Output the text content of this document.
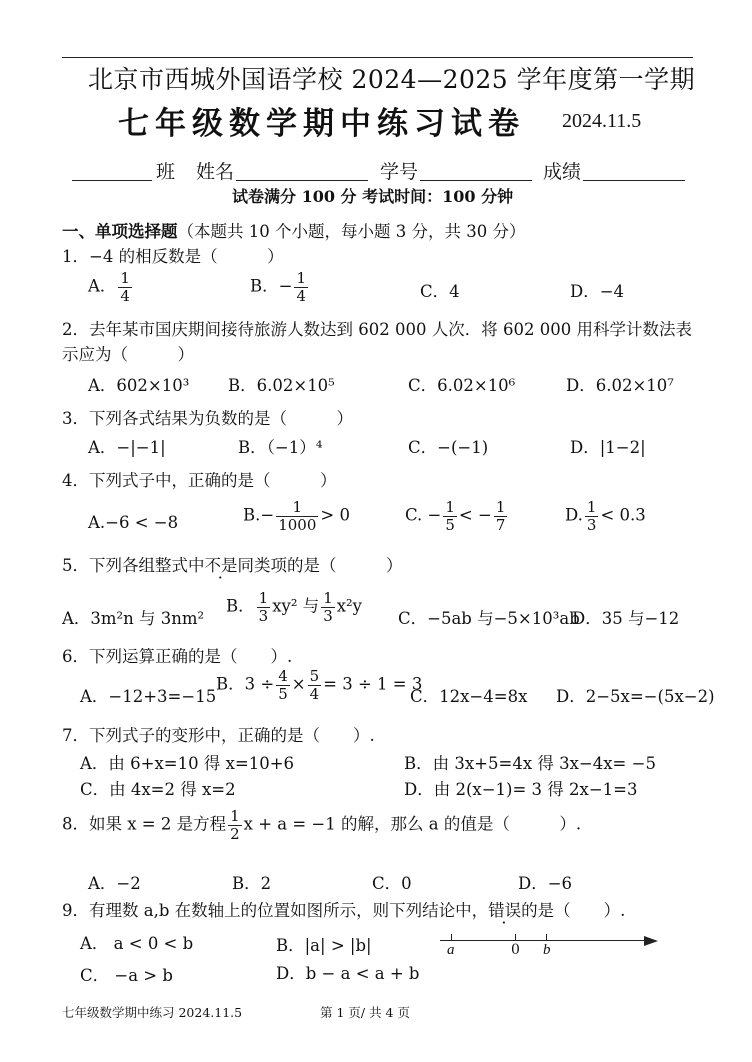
北京市西城外国语学校 2024—2025 学年度第一学期
七年级数学期中练习试卷 2024.11.5
班 姓名	学号	成绩
试卷满分 100 分 考试时间：100 分钟
一、单项选择题（本题共 10 个小题，每小题 3 分，共 30 分）
1．−4 的相反数是（　　　）
A． $\frac{1}{4}$	B．− $\frac{1}{4}$	C．4	D．−4
2．去年某市国庆期间接待旅游人数达到 602 000 人次．将 602 000 用科学计数法表
示应为（　　　）
A．602×10³ B．6.02×10⁵	C．6.02×10⁶	D．6.02×10⁷
3．下列各式结果为负数的是（　　　）
A．−|−1|	B．（−1）⁴	C．−(−1)	D．|1−2|
4．下列式子中，正确的是（　　　）
A.−6 < −8	$B.- \frac{1}{1000} > 0$	C. − $\frac{1}{5}$ < − $\frac{1}{7}$	D. $\frac{1}{3} < 0.3$
5．下列各组整式中不是同类项的是（　　　）
A．3m²n 与 3nm²
B． $\frac{1}{3} xy^2$ 与 $\frac{1}{3} x^2y$
C．−5ab 与−5×10³ab
D．35 与−12
6．下列运算正确的是（　　）.
A．−12+3=−15
B．$3 \div \frac{4}{5} \times \frac{5}{4} = 3 \div 1 = 3$
C．12x−4=8x D．2−5x=−(5x−2)
7．下列式子的变形中，正确的是（　　）.
A．由 6+x=10 得 x=10+6	B．由 3x+5=4x 得 3x−4x= −5
C．由 4x=2 得 x=2	D．由 2(x−1)= 3 得 2x−1=3
8．如果 x = 2 是方程 $\frac{1}{2}$ x + a = −1 的解，那么 a 的值是（　　　）.
A．−2	B．2	C．0	D．−6
9．有理数 a,b 在数轴上的位置如图所示，则下列结论中，错误的是（　　）.
A． a < 0 < b	B．|a| > |b|
C． −a > b	D．b − a < a + b
a	0 b
七年级数学期中练习 2024.11.5	第 1 页/ 共 4 页
